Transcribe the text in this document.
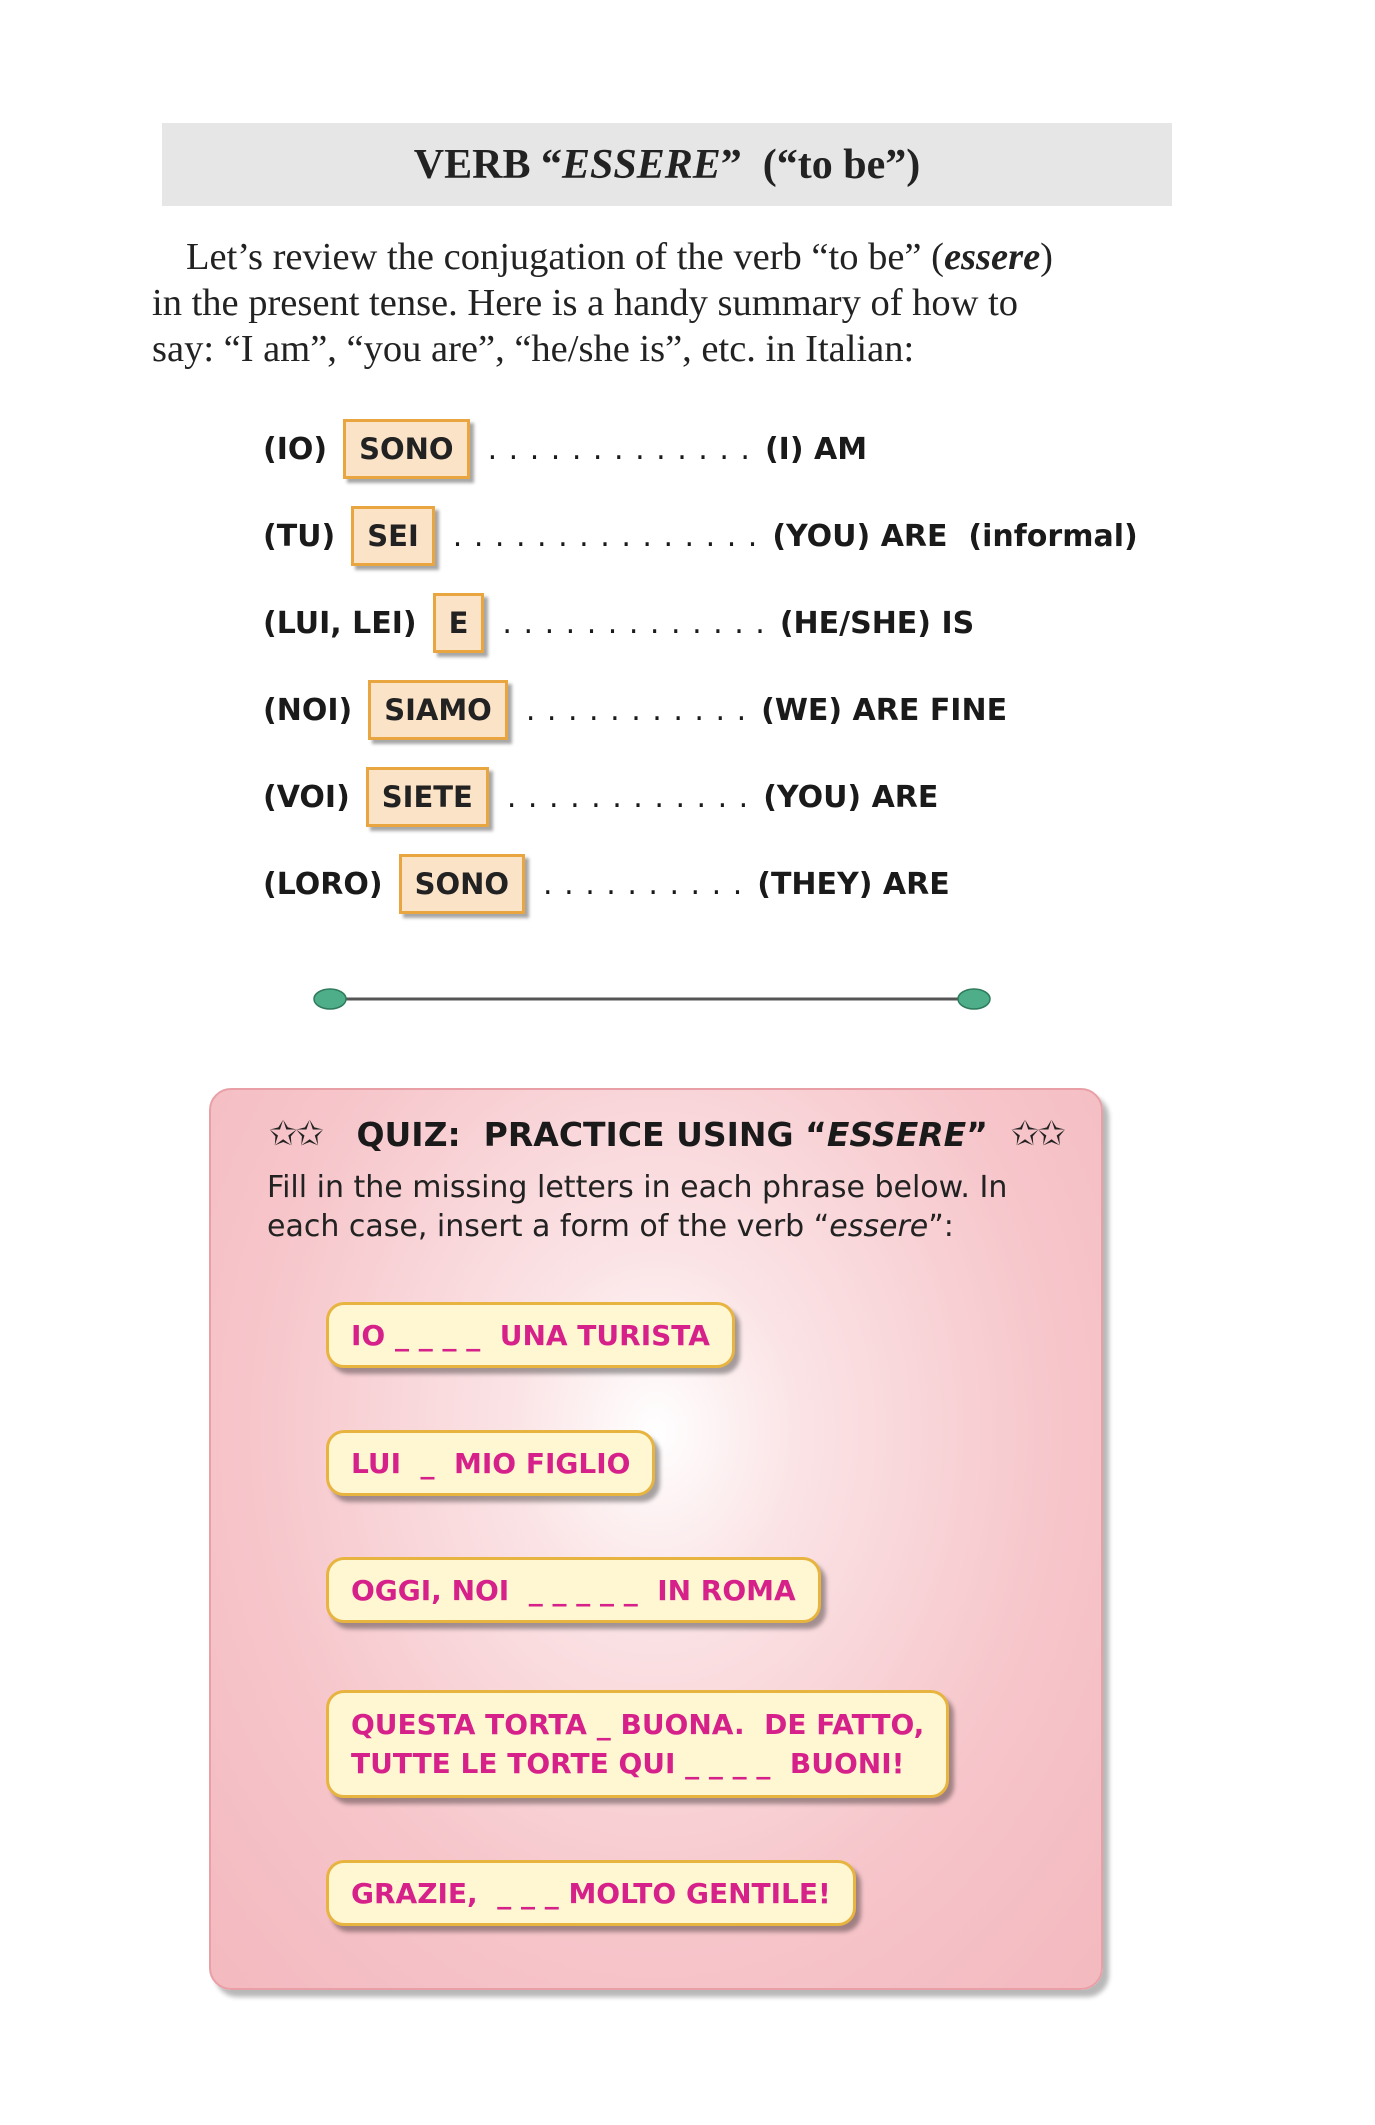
VERB “ESSERE”  (“to be”)

Let’s review the conjugation of the verb “to be” (essere)

in the present tense. Here is a handy summary of how to

say: “I am”, “you are”, “he/she is”, etc. in Italian:

(IO)	SONO	. . . . . . . . . . . . . (I) AM
(TU)	SEI	. . . . . . . . . . . . . . . (YOU) ARE  (informal)
(LUI, LEI)	E	. . . . . . . . . . . . . (HE/SHE) IS
(NOI)	SIAMO	. . . . . . . . . . . (WE) ARE FINE
(VOI)	SIETE	. . . . . . . . . . . . (YOU) ARE
(LORO)	SONO	. . . . . . . . . . (THEY) ARE
✩✩
QUIZ:  PRACTICE USING “ ESSERE ”
✩✩
Fill in the missing letters in each phrase below. In each case, insert a form of the verb “essere”:
IO _ _ _ _  UNA TURISTA
LUI  _  MIO FIGLIO
OGGI, NOI  _ _ _ _ _  IN ROMA
QUESTA TORTA _ BUONA.  DE FATTO,
TUTTE LE TORTE QUI _ _ _ _  BUONI!
GRAZIE,  _ _ _ MOLTO GENTILE!
